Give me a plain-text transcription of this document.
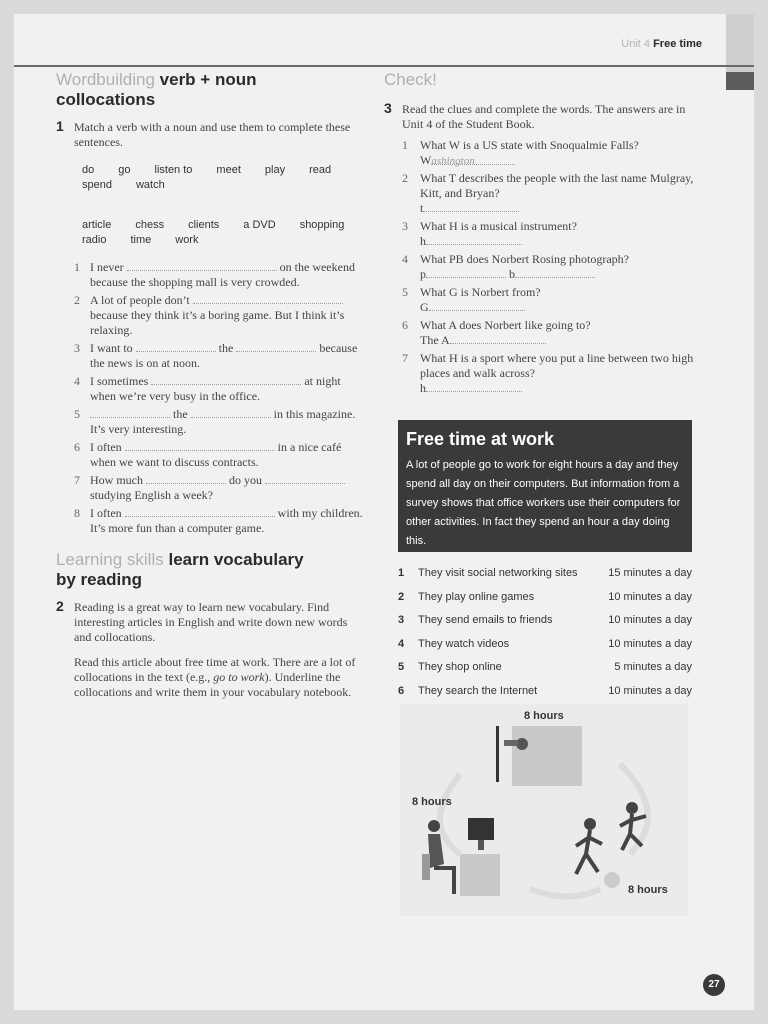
Unit 4 Free time
Wordbuilding verb + noun
collocations
1 Match a verb with a noun and use them to complete these sentences.
do go listen to meet play read
spend watch
article chess clients a DVD shopping
radio time work
1 I never	on the weekend because the shopping mall is very crowded.
2 A lot of people don’t  because they think it’s a boring game. But I think it’s relaxing.
3 I want to	the	because the news is on at noon.
4 I sometimes	at night when we’re very busy in the office.
5	the	in this magazine. It’s very interesting.
6 I often	in a nice café when we want to discuss contracts.
7 How much	do you  studying English a week?
8 I often	with my children. It’s more fun than a computer game.
Learning skills learn vocabulary
by reading
2 Reading is a great way to learn new vocabulary. Find interesting articles in English and write down new words and collocations.
Read this article about free time at work. There are a lot of collocations in the text (e.g., go to work). Underline the collocations and write them in your vocabulary notebook.
Check!
3 Read the clues and complete the words. The answers are in Unit 4 of the Student Book.
1 What W is a US state with Snoqualmie Falls?
Washington
2 What T describes the people with the last name Mulgray, Kitt, and Bryan?
t
3 What H is a musical instrument?
h
4 What PB does Norbert Rosing photograph?
p	b
5 What G is Norbert from?
G
6 What A does Norbert like going to?
The A
7 What H is a sport where you put a line between two high places and walk across?
h
Free time at work

A lot of people go to work for eight hours a day and they spend all day on their computers. But information from a survey shows that office workers use their computers for other activities. In fact they spend an hour a day doing this.

1	They visit social networking sites	15 minutes a day
2	They play online games	10 minutes a day
3	They send emails to friends	10 minutes a day
4	They watch videos	10 minutes a day
5	They shop online	5 minutes a day
6	They search the Internet	10 minutes a day
8 hours
8 hours
8 hours
27
